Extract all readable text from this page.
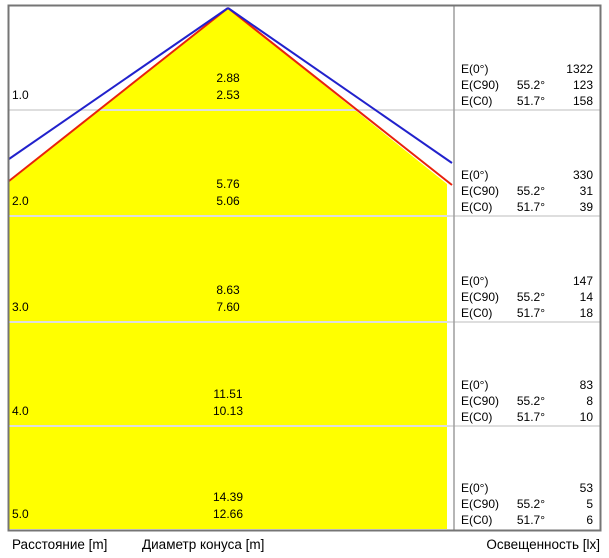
2.88
2.53
1.0
E(0°)	1322
E(C90)	55.2°	123
E(C0)	51.7°	158
5.76
5.06
2.0
E(0°)	330
E(C90)	55.2°	31
E(C0)	51.7°	39
8.63
7.60
3.0
E(0°)	147
E(C90)	55.2°	14
E(C0)	51.7°	18
11.51
10.13
4.0
E(0°)	83
E(C90)	55.2°	8
E(C0)	51.7°	10
14.39
12.66
5.0
E(0°)	53
E(C90)	55.2°	5
E(C0)	51.7°	6
Расстояние [m]	Диаметр конуса [m]	Освещенность [lx]
